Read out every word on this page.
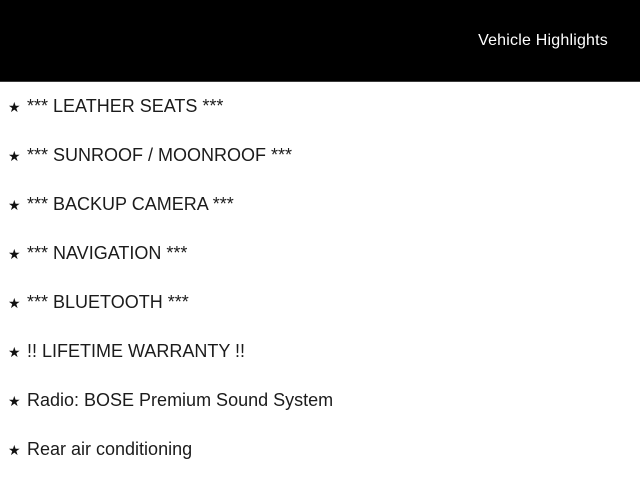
Vehicle Highlights
★ *** LEATHER SEATS ***
★ *** SUNROOF / MOONROOF ***
★ *** BACKUP CAMERA ***
★ *** NAVIGATION ***
★ *** BLUETOOTH ***
★ !! LIFETIME WARRANTY !!
★ Radio: BOSE Premium Sound System
★ Rear air conditioning
